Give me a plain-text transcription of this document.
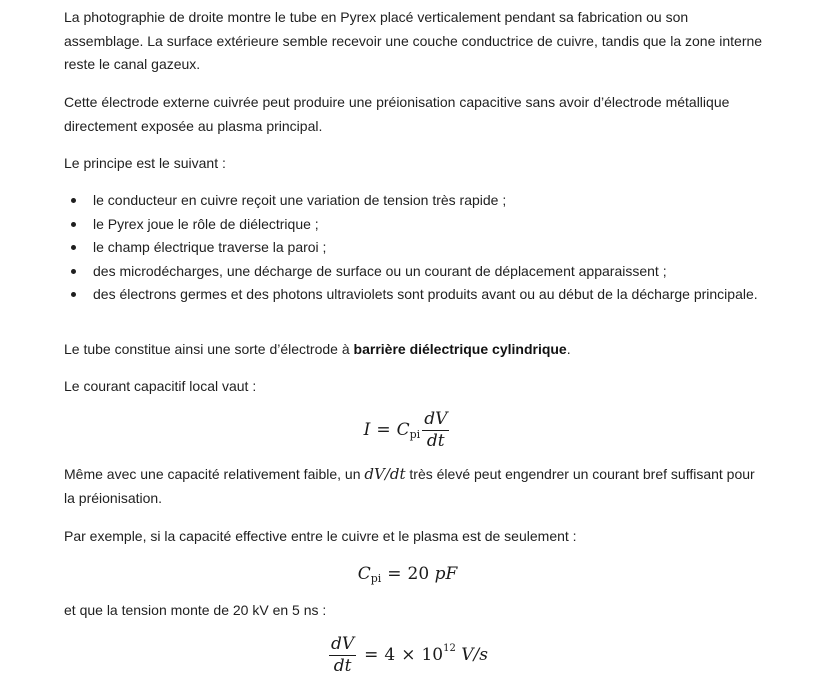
La photographie de droite montre le tube en Pyrex placé verticalement pendant sa fabrication ou son assemblage. La surface extérieure semble recevoir une couche conductrice de cuivre, tandis que la zone interne reste le canal gazeux.

Cette électrode externe cuivrée peut produire une préionisation capacitive sans avoir d’électrode métallique directement exposée au plasma principal.

Le principe est le suivant :

le conducteur en cuivre reçoit une variation de tension très rapide ;
le Pyrex joue le rôle de diélectrique ;
le champ électrique traverse la paroi ;
des microdécharges, une décharge de surface ou un courant de déplacement apparaissent ;
des électrons germes et des photons ultraviolets sont produits avant ou au début de la décharge principale.

Le tube constitue ainsi une sorte d’électrode à barrière diélectrique cylindrique.

Le courant capacitif local vaut :

Même avec une capacité relativement faible, un dV/dt très élevé peut engendrer un courant bref suffisant pour la préionisation.

Par exemple, si la capacité effective entre le cuivre et le plasma est de seulement :

et que la tension monte de 20 kV en 5 ns :

I = C pi $\frac{dV}{dt}$
C pi = 20
pF
$\frac{dV}{dt} = 4 \times 10$ 12
V/s
